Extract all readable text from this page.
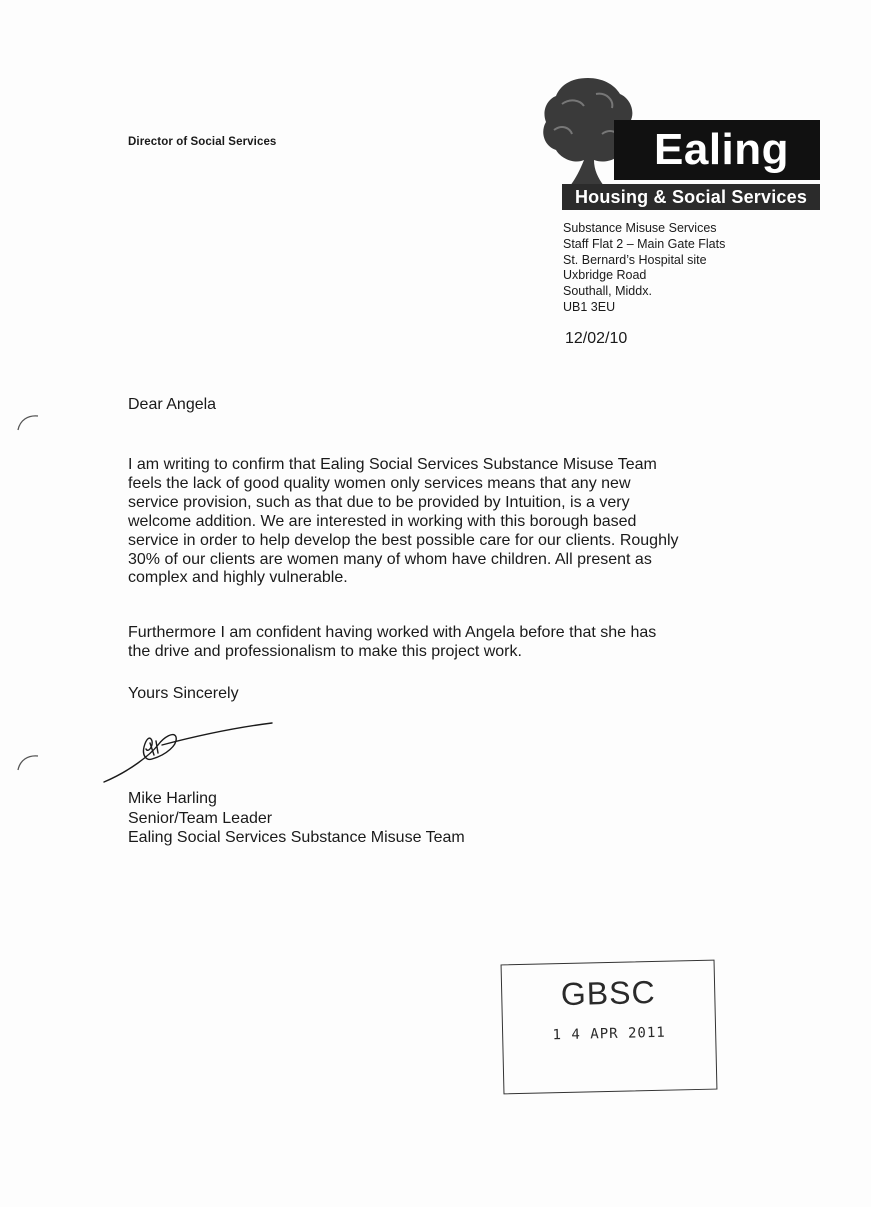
Director of Social Services	Ealing
Housing & Social Services
Substance Misuse Services
Staff Flat 2 – Main Gate Flats
St. Bernard’s Hospital site
Uxbridge Road
Southall, Middx.
UB1 3EU
12/02/10
Dear Angela
I am writing to confirm that Ealing Social Services Substance Misuse Team
feels the lack of good quality women only services means that any new
service provision, such as that due to be provided by Intuition, is a very
welcome addition. We are interested in working with this borough based
service in order to help develop the best possible care for our clients. Roughly
30% of our clients are women many of whom have children. All present as
complex and highly vulnerable.
Furthermore I am confident having worked with Angela before that she has
the drive and professionalism to make this project work.
Yours Sincerely
Mike Harling
Senior/Team Leader
Ealing Social Services Substance Misuse Team
GBSC
1 4 APR 2011
